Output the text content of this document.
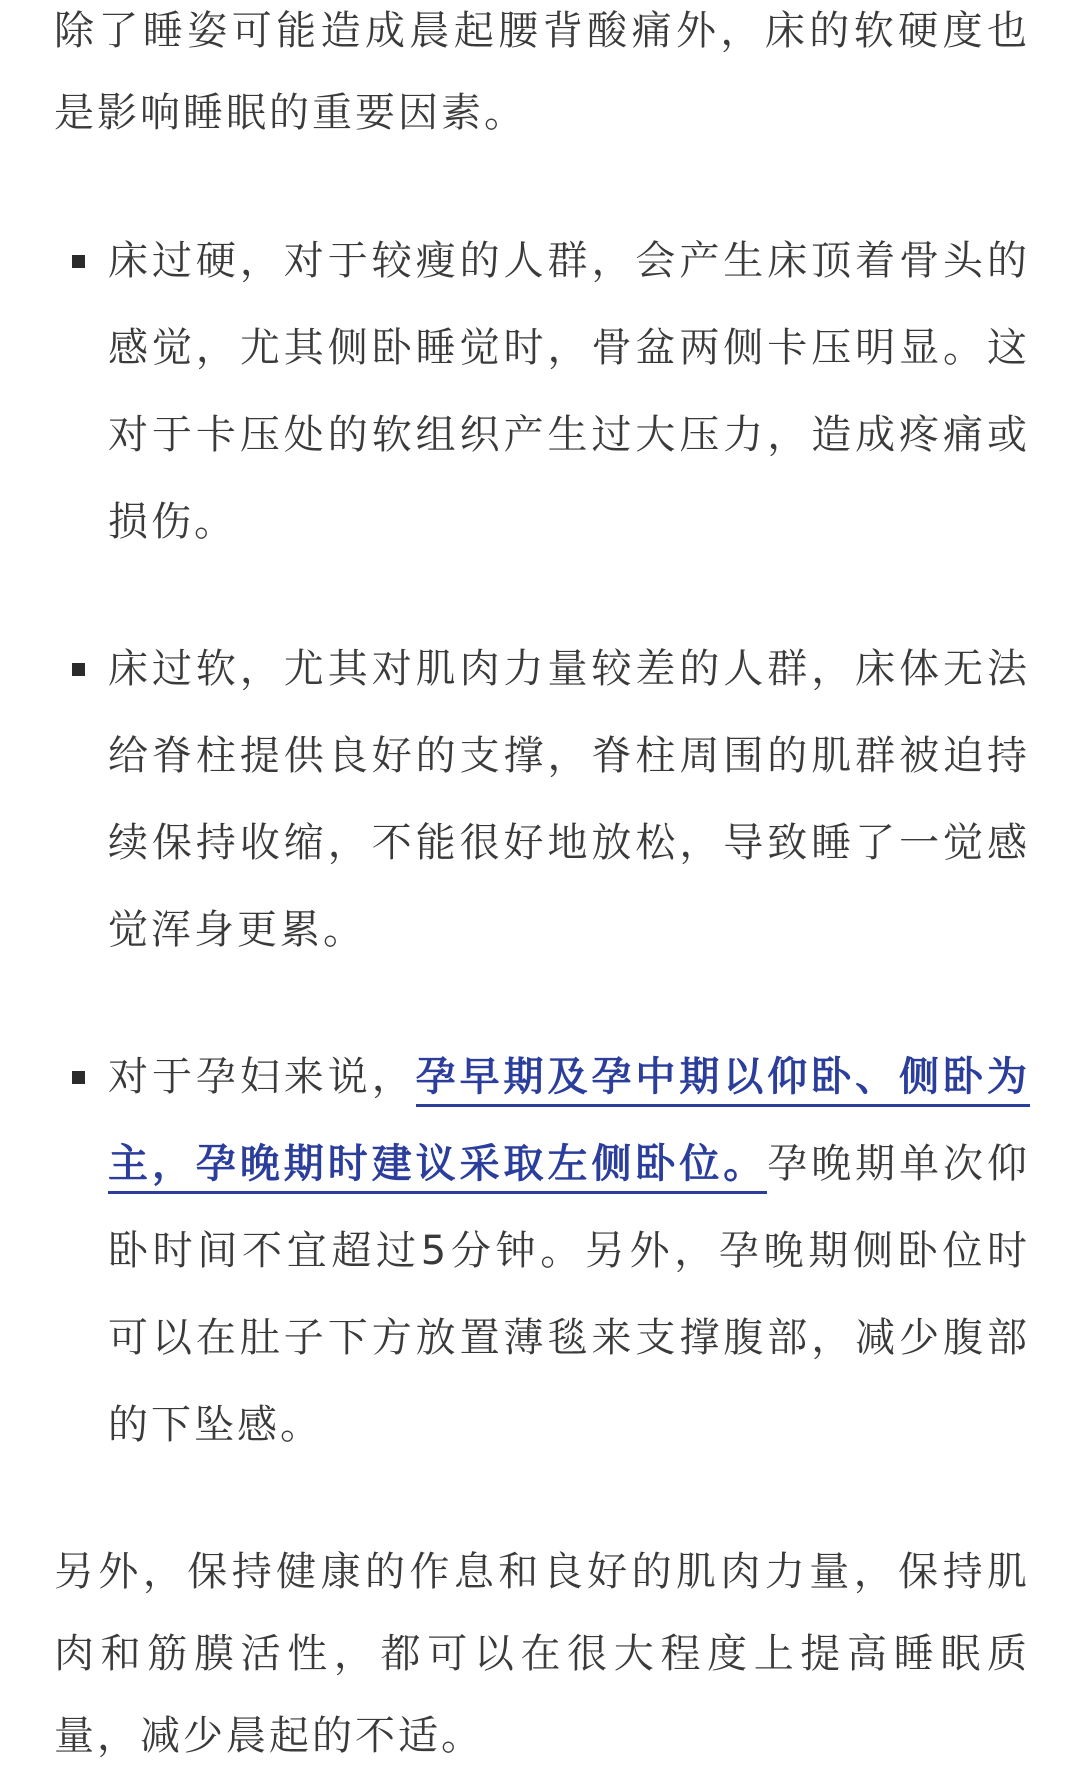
除了睡姿可能造成晨起腰背酸痛外，床的软硬度也是影响睡眠的重要因素。

床过硬，对于较瘦的人群，会产生床顶着骨头的感觉，尤其侧卧睡觉时，骨盆两侧卡压明显。这对于卡压处的软组织产生过大压力，造成疼痛或损伤。
床过软，尤其对肌肉力量较差的人群，床体无法给脊柱提供良好的支撑，脊柱周围的肌群被迫持续保持收缩，不能很好地放松，导致睡了一觉感觉浑身更累。
对于孕妇来说，孕早期及孕中期以仰卧、侧卧为主，孕晚期时建议采取左侧卧位。孕晚期单次仰卧时间不宜超过5分钟。另外，孕晚期侧卧位时可以在肚子下方放置薄毯来支撑腹部，减少腹部的下坠感。

另外，保持健康的作息和良好的肌肉力量，保持肌肉和筋膜活性，都可以在很大程度上提高睡眠质量，减少晨起的不适。
